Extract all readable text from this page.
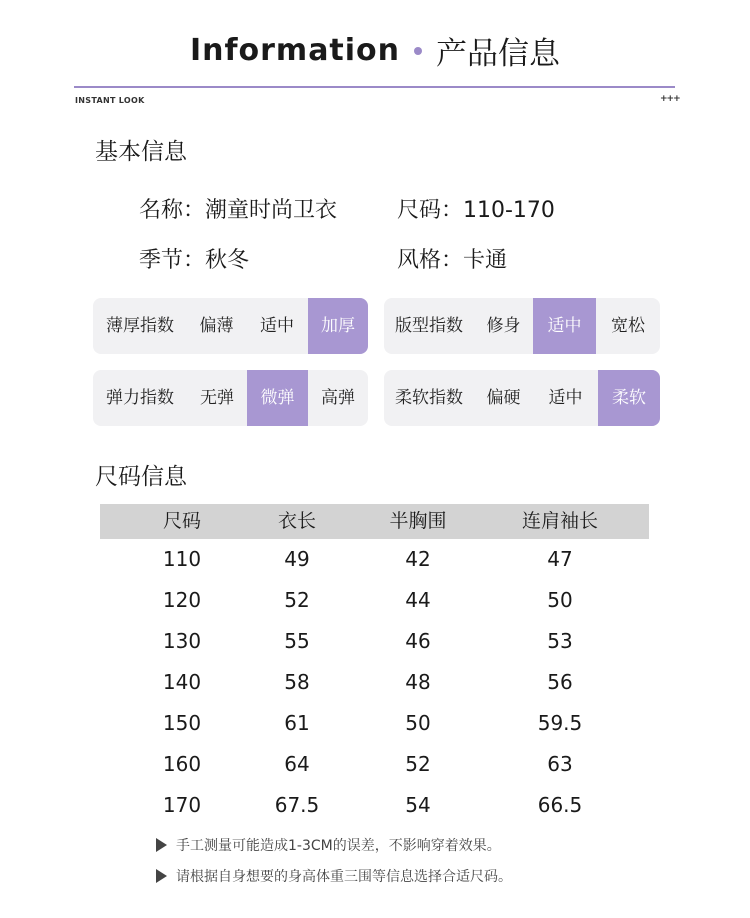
Information 产品信息
INSTANT LOOK	+++
基本信息
名称：潮童时尚卫衣	尺码：110-170
季节：秋冬	风格：卡通
薄厚指数	偏薄	适中	加厚	版型指数	修身	适中	宽松
弹力指数	无弹	微弹	高弹	柔软指数	偏硬	适中	柔软
尺码信息
尺码	衣长	半胸围	连肩袖长
110	49	42	47
120	52	44	50
130	55	46	53
140	58	48	56
150	61	50	59.5
160	64	52	63
170	67.5	54	66.5
手工测量可能造成1-3CM的误差，不影响穿着效果。
请根据自身想要的身高体重三围等信息选择合适尺码。
